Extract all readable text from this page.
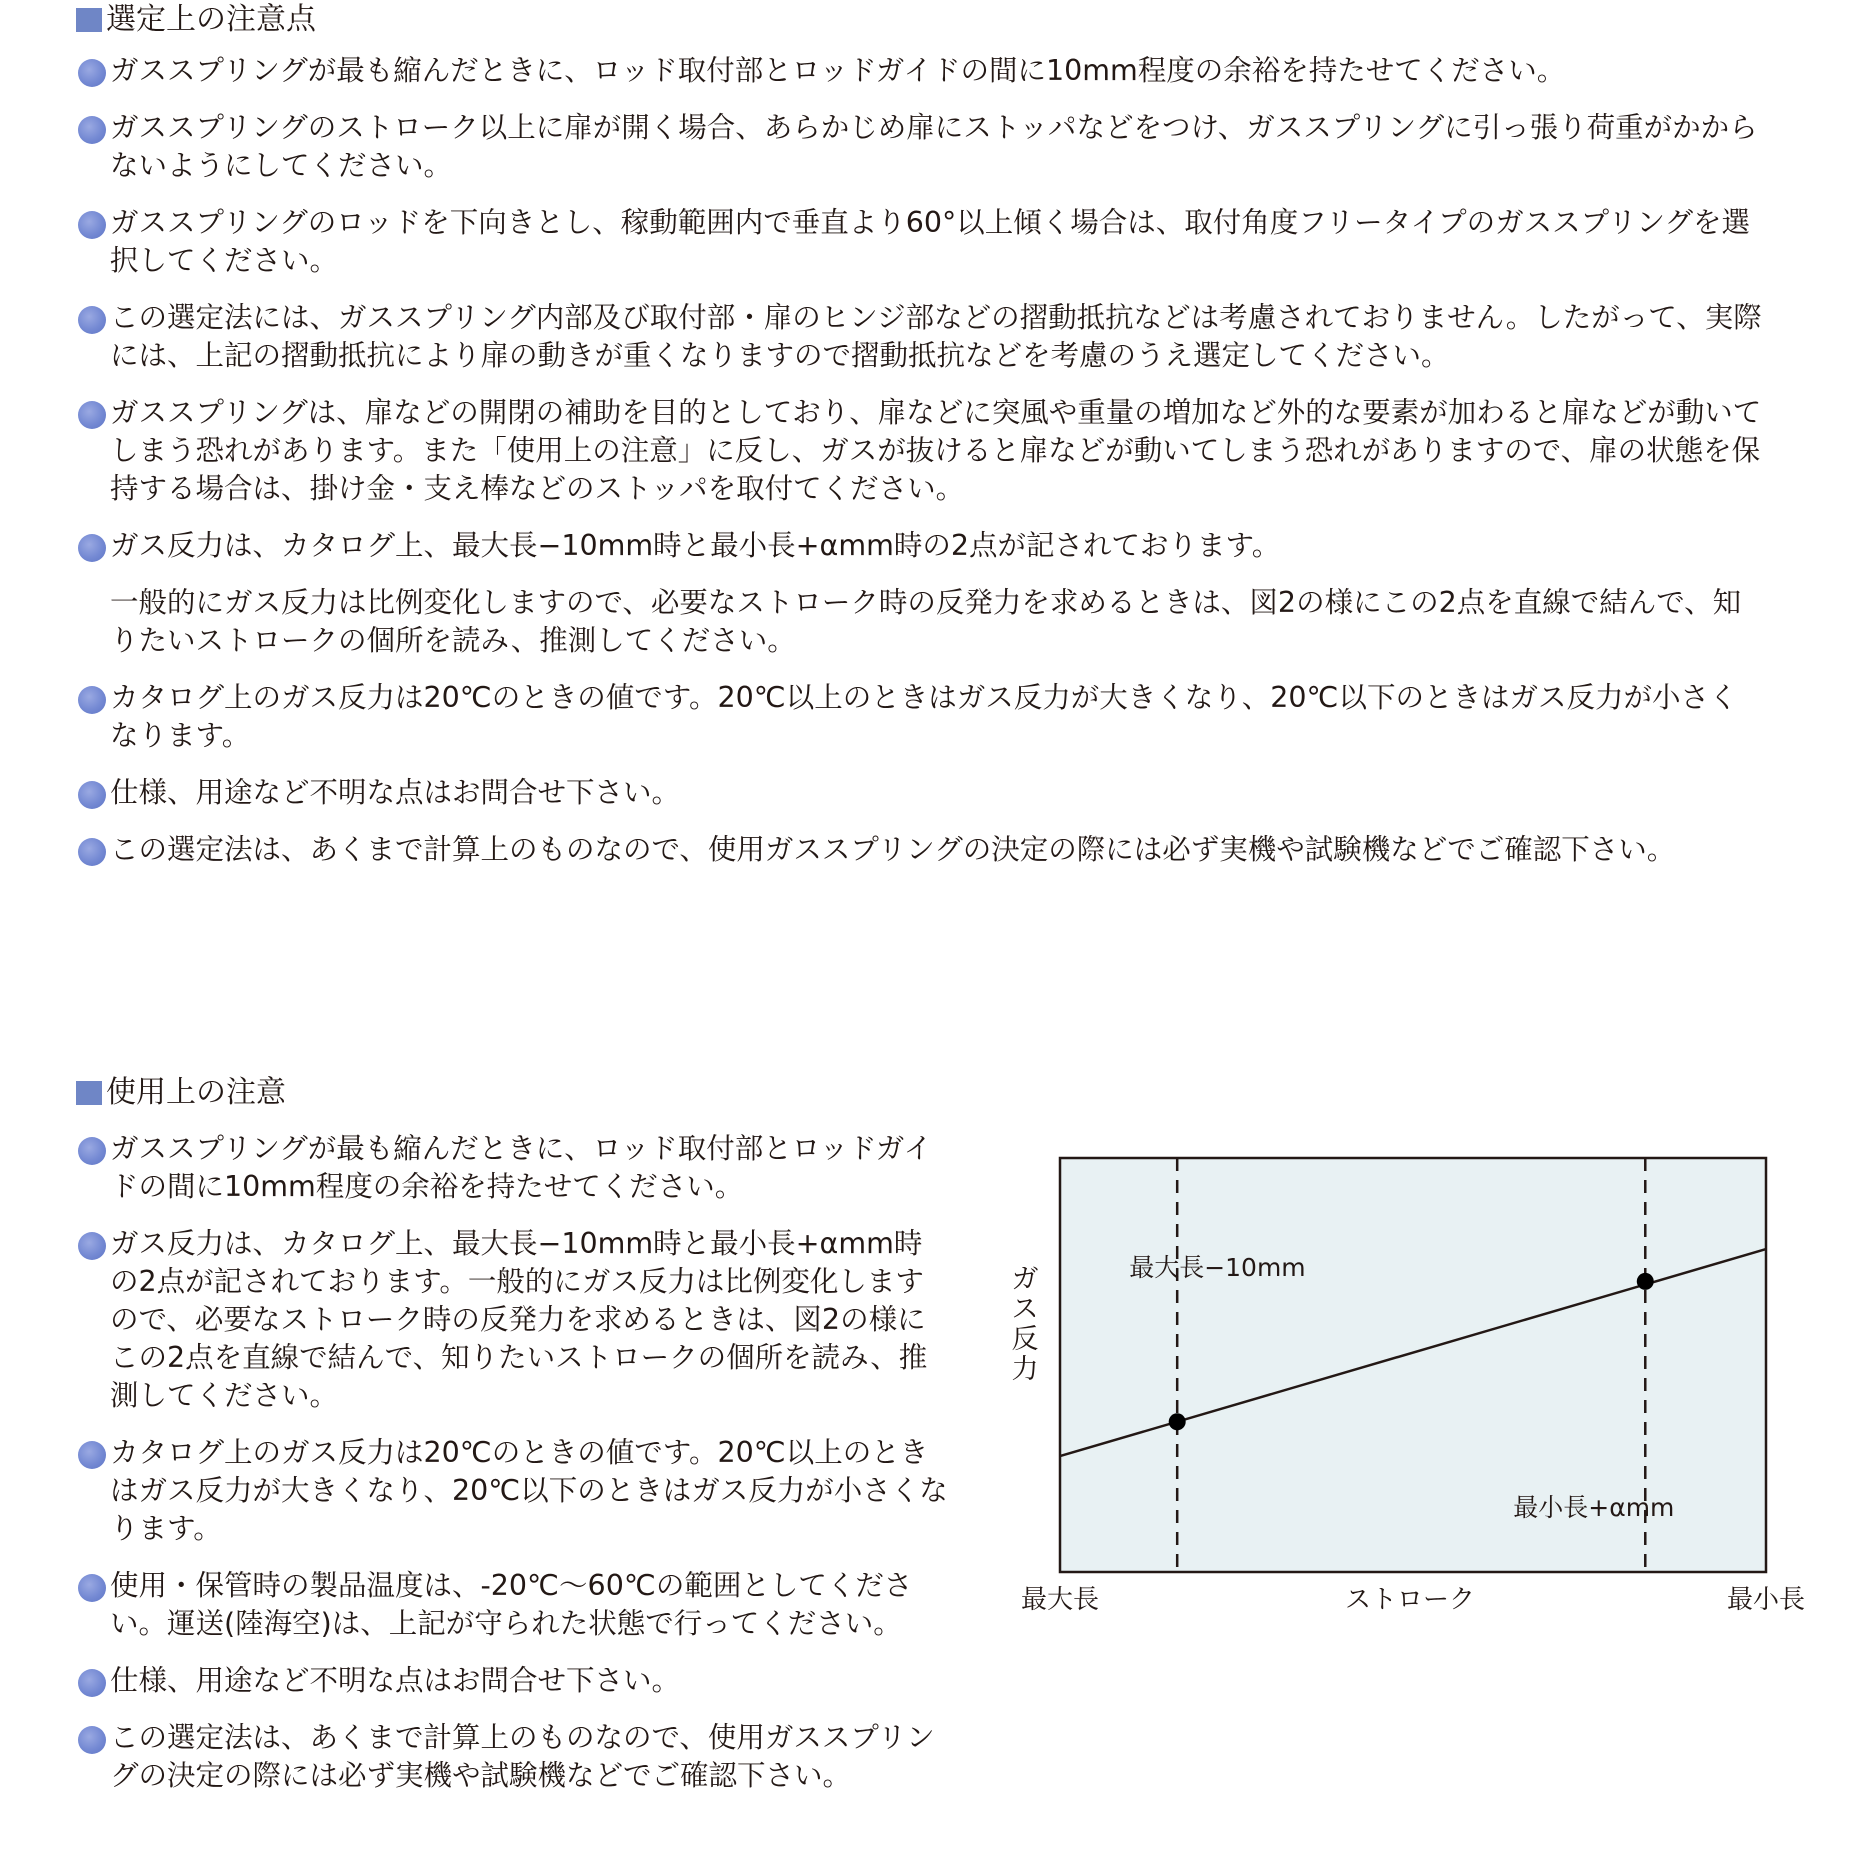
選定上の注意点

ガススプリングが最も縮んだときに、ロッド取付部とロッドガイドの間に10mm程度の余裕を持たせてください。

ガススプリングのストローク以上に扉が開く場合、あらかじめ扉にストッパなどをつけ、ガススプリングに引っ張り荷重がかからないようにしてください。

ガススプリングのロッドを下向きとし、稼動範囲内で垂直より60°以上傾く場合は、取付角度フリータイプのガススプリングを選択してください。

この選定法には、ガススプリング内部及び取付部・扉のヒンジ部などの摺動抵抗などは考慮されておりません。したがって、実際には、上記の摺動抵抗により扉の動きが重くなりますので摺動抵抗などを考慮のうえ選定してください。

ガススプリングは、扉などの開閉の補助を目的としており、扉などに突風や重量の増加など外的な要素が加わると扉などが動いてしまう恐れがあります。また「使用上の注意」に反し、ガスが抜けると扉などが動いてしまう恐れがありますので、扉の状態を保持する場合は、掛け金・支え棒などのストッパを取付てください。

ガス反力は、カタログ上、最大長−10mm時と最小長+αmm時の2点が記されております。

一般的にガス反力は比例変化しますので、必要なストローク時の反発力を求めるときは、図2の様にこの2点を直線で結んで、知りたいストロークの個所を読み、推測してください。

カタログ上のガス反力は20℃のときの値です。20℃以上のときはガス反力が大きくなり、20℃以下のときはガス反力が小さくなります。

仕様、用途など不明な点はお問合せ下さい。

この選定法は、あくまで計算上のものなので、使用ガススプリングの決定の際には必ず実機や試験機などでご確認下さい。

使用上の注意

ガススプリングが最も縮んだときに、ロッド取付部とロッドガイドの間に10mm程度の余裕を持たせてください。

ガス反力は、カタログ上、最大長−10mm時と最小長+αmm時の2点が記されております。一般的にガス反力は比例変化しますので、必要なストローク時の反発力を求めるときは、図2の様にこの2点を直線で結んで、知りたいストロークの個所を読み、推測してください。

カタログ上のガス反力は20℃のときの値です。20℃以上のときはガス反力が大きくなり、20℃以下のときはガス反力が小さくなります。

使用・保管時の製品温度は、-20℃〜60℃の範囲としてください。運送(陸海空)は、上記が守られた状態で行ってください。

仕様、用途など不明な点はお問合せ下さい。

この選定法は、あくまで計算上のものなので、使用ガススプリングの決定の際には必ず実機や試験機などでご確認下さい。

最大長−10mm
最小長+αmm
ガス反力
ストローク
最大長	最小長
